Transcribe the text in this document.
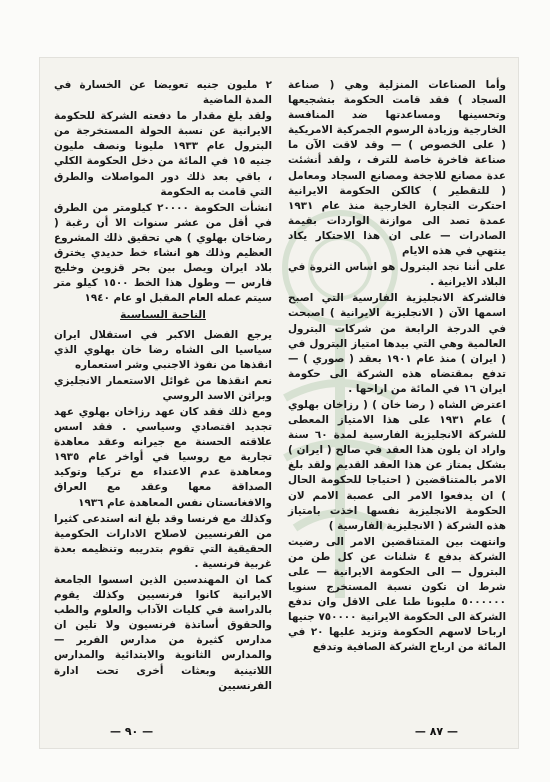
وأما الصناعات المنزلية وهي ( صناعة السجاد ) فقد قامت الحكومة بتشجيعها وتحسينها ومساعدتها ضد المنافسة الخارجية وزيادة الرسوم الجمركية الامريكية ( على الخصوص ) — وقد لاقت الآن ما صناعة فاخرة خاصة للترف ، ولقد أنشئت عدة مصانع للاجخة ومصانع السجاد ومعامل ( للتقطير ) كالكن الحكومة الايرانية احتكرت التجارة الخارجية منذ عام ١٩٣١ عمدة تصد الى موازنة الواردات بقيمة الصادرات — على ان هذا الاحتكار يكاد ينتهي في هذه الايام

على أننا نجد البترول هو اساس الثروة في البلاد الايرانية .

فالشركة الانجليزية الفارسية التي اصبح اسمها الآن ( الانجليزية الايرانية ) اصبحت في الدرجة الرابعة من شركات البترول العالمية وهي التي بيدها امتياز البترول في ( ايران ) منذ عام ١٩٠١ بعقد ( صوري ) — تدفع بمقتضاه هذه الشركة الى حكومة ايران ١٦ في المائة من اراحها .

اعترض الشاه ( رضا خان ) ( رزاخان بهلوي ) عام ١٩٣١ على هذا الامتياز المعطى للشركة الانجليزية الفارسية لمدة ٦٠ سنة واراد ان يلون هذا العقد في صالح ( ايران ) بشكل يمتاز عن هذا العقد القديم ولقد بلغ الامر بالمتناقضين ( احتياجا للحكومة الحال ) ان يدفعوا الامر الى عصبة الامم لان الحكومة الانجليزية نفسها اخذت بامتياز هذه الشركة ( الانجليزية الفارسية )

وانتهت بين المتناقضين الامر الى رضيت الشركة بدفع ٤ شلنات عن كل طن من البترول — الى الحكومة الايرانية — على شرط ان تكون نسبة المستخرج سنويا ٥٠٠٠٠٠٠ مليونا طنا على الاقل وان تدفع الشركة الى الحكومة الايرانية ٧٥٠٠٠٠ جنيها ارباحا لاسهم الحكومة وتزيد عليها ٢٠ في المائة من ارباح الشركة الصافية وتدفع

٢ مليون جنيه تعويضا عن الخسارة في المدة الماضية

ولقد بلغ مقدار ما دفعته الشركة للحكومة الايرانية عن نسبة الحولة المستخرجة من البترول عام ١٩٣٣ مليونا ونصف مليون جنيه ١٥ في المائة من دخل الحكومة الكلي ، باقي بعد ذلك دور المواصلات والطرق التي قامت به الحكومة

انشأت الحكومة ٢٠٠٠٠ كيلومتر من الطرق في أقل من عشر سنوات الا أن رغبة ( رضاخان بهلوي ) هي تحقيق ذلك المشروع العظيم وذلك هو انشاء خط حديدي يخترق بلاد ايران ويصل بين بحر قزوين وخليج فارس — وطول هذا الخط ١٥٠٠ كيلو متر سيتم عمله العام المقبل او عام ١٩٤٠

الناحية السياسية

يرجع الفضل الاكبر في استقلال ايران سياسيا الى الشاه رضا خان بهلوي الذي انقذها من نفوذ الاجنبي وشر استعماره

نعم انقذها من غوائل الاستعمار الانجليزي وبراثن الاسد الروسي

ومع ذلك فقد كان عهد رزاخان بهلوي عهد تجديد اقتصادي وسياسي . فقد اسس علاقته الحسنة مع جيرانه وعقد معاهدة تجارية مع روسيا في أواخر عام ١٩٣٥ ومعاهدة عدم الاعتداء مع تركيا وتوكيد الصداقة معها وعقد مع العراق والافغانستان نفس المعاهدة عام ١٩٣٦

وكذلك مع فرنسا وقد بلغ انه استدعى كثيرا من الفرنسيين لاصلاح الادارات الحكومية الحقيقية التي تقوم بتدريبه وتنظيمه بعدة غربية فرنسية .

كما ان المهندسين الذين اسسوا الجامعة الايرانية كانوا فرنسيين وكذلك يقوم بالدراسة في كليات الآداب والعلوم والطب والحقوق أساتذة فرنسيون ولا تلين ان مدارس كثيرة من مدارس الفرير — والمدارس الثانوية والابتدائية والمدارس اللاتينية وبعثات أخرى تحت ادارة الفرنسيين

— ٨٧ —
— ٩٠ —
